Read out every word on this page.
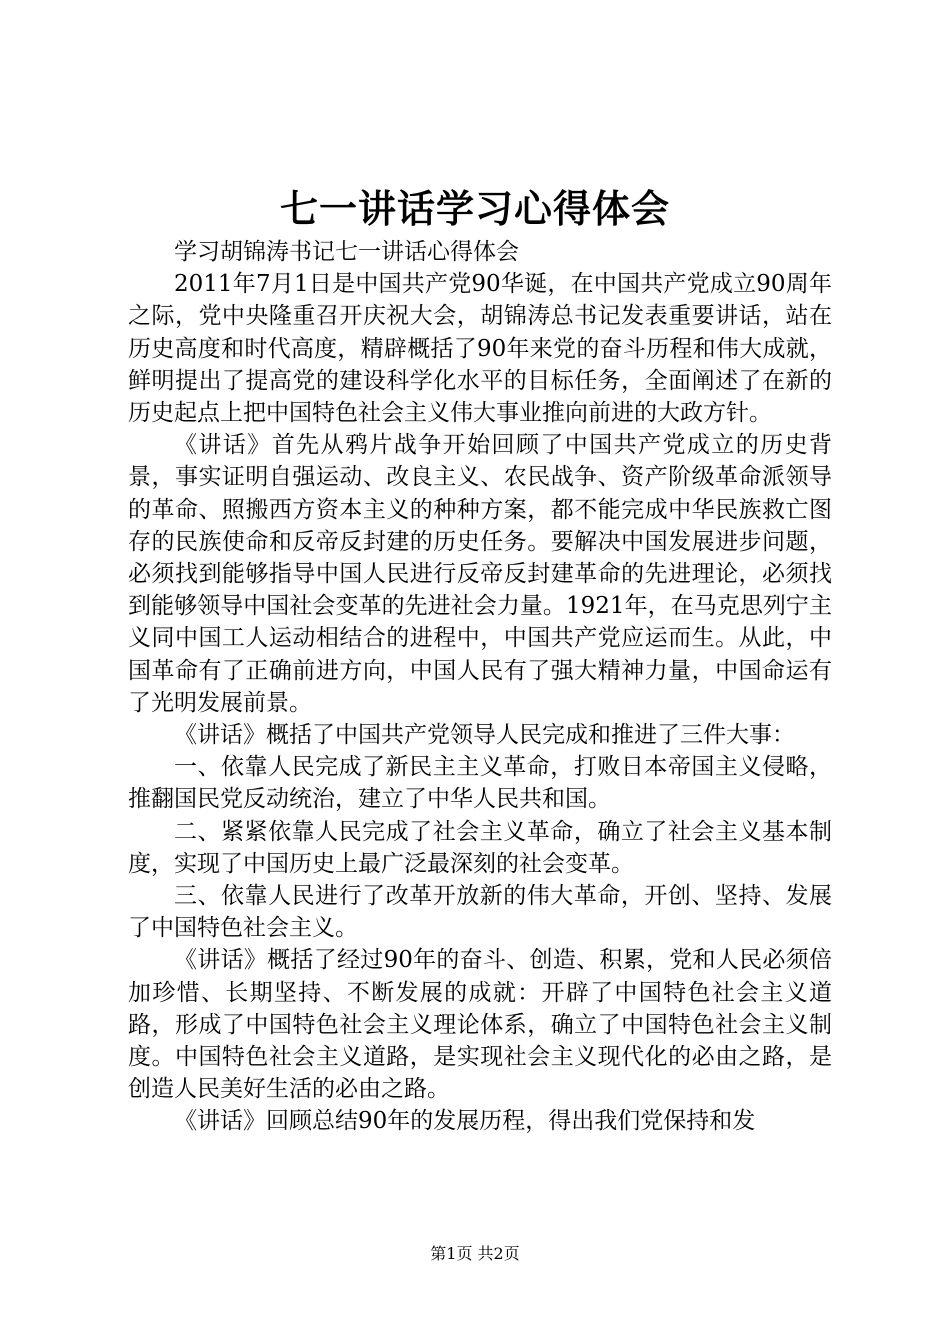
七一讲话学习心得体会

学习胡锦涛书记七一讲话心得体会

2011年7月1日是中国共产党90华诞，在中国共产党成立90周年之际，党中央隆重召开庆祝大会，胡锦涛总书记发表重要讲话，站在历史高度和时代高度，精辟概括了90年来党的奋斗历程和伟大成就，鲜明提出了提高党的建设科学化水平的目标任务，全面阐述了在新的历史起点上把中国特色社会主义伟大事业推向前进的大政方针。

《讲话》首先从鸦片战争开始回顾了中国共产党成立的历史背景，事实证明自强运动、改良主义、农民战争、资产阶级革命派领导的革命、照搬西方资本主义的种种方案，都不能完成中华民族救亡图存的民族使命和反帝反封建的历史任务。要解决中国发展进步问题，必须找到能够指导中国人民进行反帝反封建革命的先进理论，必须找到能够领导中国社会变革的先进社会力量。1921年，在马克思列宁主义同中国工人运动相结合的进程中，中国共产党应运而生。从此，中国革命有了正确前进方向，中国人民有了强大精神力量，中国命运有了光明发展前景。

《讲话》概括了中国共产党领导人民完成和推进了三件大事：

一、依靠人民完成了新民主主义革命，打败日本帝国主义侵略，推翻国民党反动统治，建立了中华人民共和国。

二、紧紧依靠人民完成了社会主义革命，确立了社会主义基本制度，实现了中国历史上最广泛最深刻的社会变革。

三、依靠人民进行了改革开放新的伟大革命，开创、坚持、发展了中国特色社会主义。

《讲话》概括了经过90年的奋斗、创造、积累，党和人民必须倍加珍惜、长期坚持、不断发展的成就：开辟了中国特色社会主义道路，形成了中国特色社会主义理论体系，确立了中国特色社会主义制度。中国特色社会主义道路，是实现社会主义现代化的必由之路，是创造人民美好生活的必由之路。

《讲话》回顾总结90年的发展历程，得出我们党保持和发

第1页 共2页
